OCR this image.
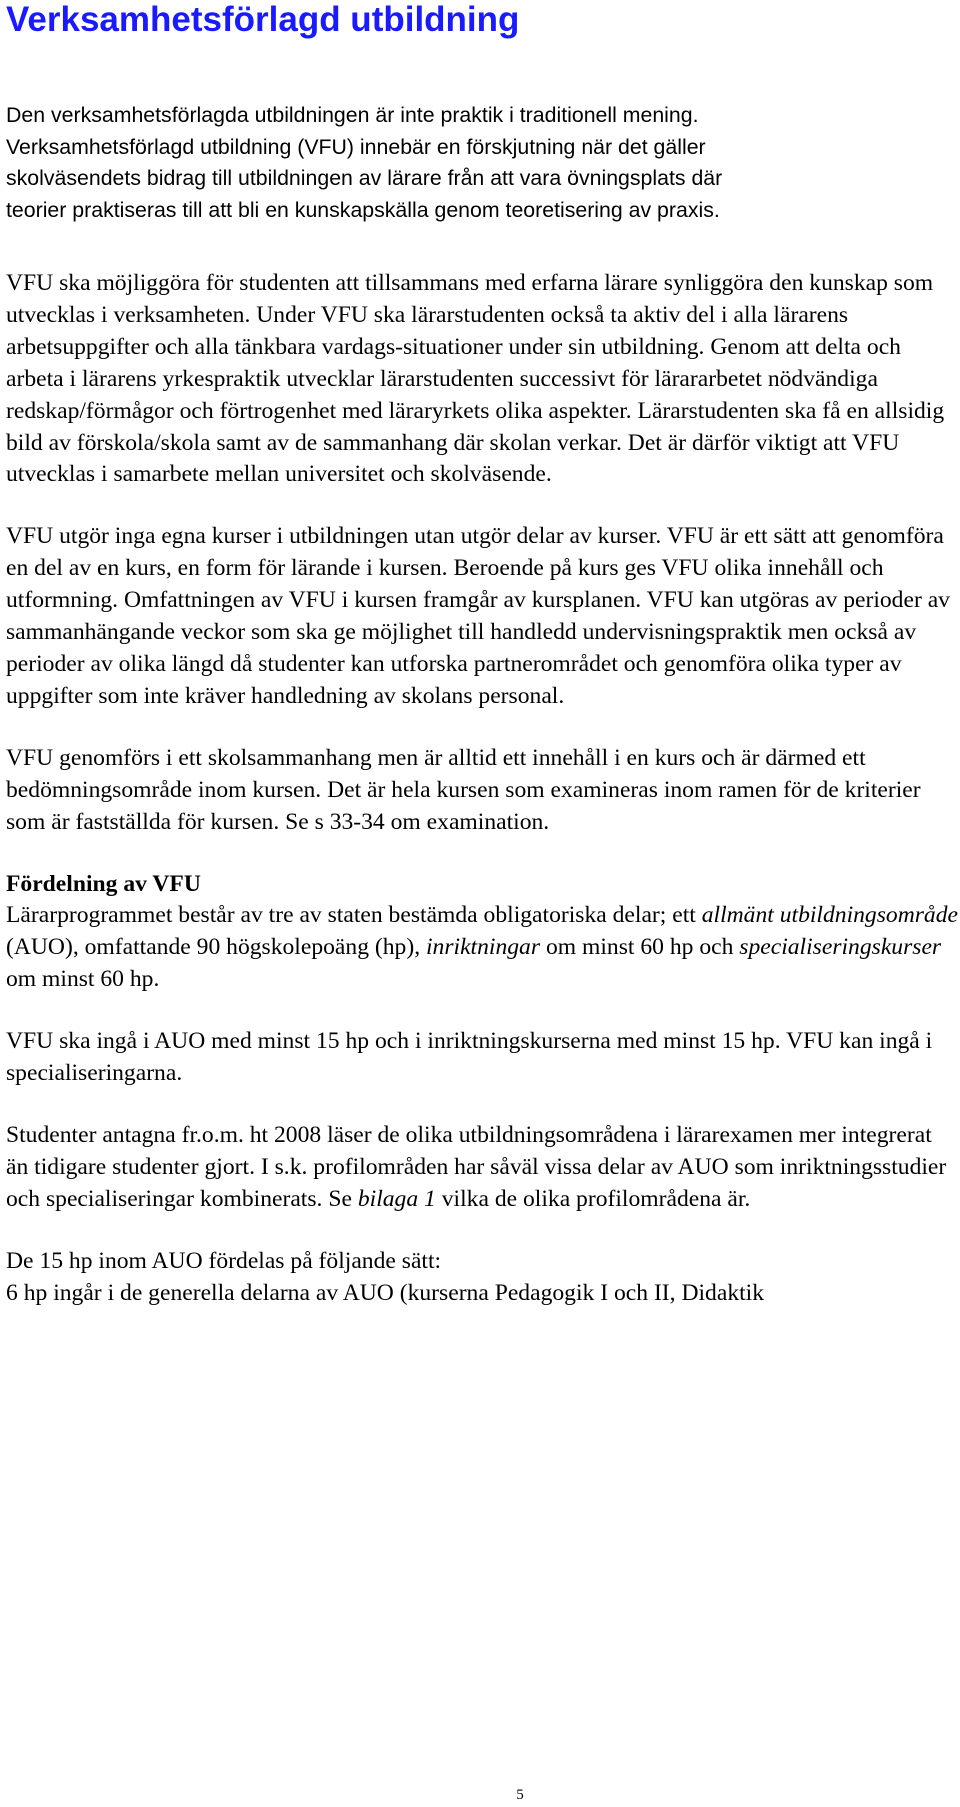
Verksamhetsförlagd utbildning
Den verksamhetsförlagda utbildningen är inte praktik i traditionell mening.
Verksamhetsförlagd utbildning (VFU) innebär en förskjutning när det gäller
skolväsendets bidrag till utbildningen av lärare från att vara övningsplats där
teorier praktiseras till att bli en kunskapskälla genom teoretisering av praxis.

VFU ska möjliggöra för studenten att tillsammans med erfarna lärare synliggöra den kunskap som utvecklas i verksamheten. Under VFU ska lärarstudenten också ta aktiv del i alla lärarens arbetsuppgifter och alla tänkbara vardags-situationer under sin utbildning. Genom att delta och arbeta i lärarens yrkespraktik utvecklar lärarstudenten successivt för lärararbetet nödvändiga redskap/förmågor och förtrogenhet med läraryrkets olika aspekter. Lärarstudenten ska få en allsidig bild av förskola/skola samt av de sammanhang där skolan verkar. Det är därför viktigt att VFU utvecklas i samarbete mellan universitet och skolväsende.

VFU utgör inga egna kurser i utbildningen utan utgör delar av kurser. VFU är ett sätt att genomföra en del av en kurs, en form för lärande i kursen. Beroende på kurs ges VFU olika innehåll och utformning. Omfattningen av VFU i kursen framgår av kursplanen. VFU kan utgöras av perioder av sammanhängande veckor som ska ge möjlighet till handledd undervisningspraktik men också av perioder av olika längd då studenter kan utforska partnerområdet och genomföra olika typer av uppgifter som inte kräver handledning av skolans personal.

VFU genomförs i ett skolsammanhang men är alltid ett innehåll i en kurs och är därmed ett bedömningsområde inom kursen. Det är hela kursen som examineras inom ramen för de kriterier som är fastställda för kursen. Se s 33-34 om examination.

Fördelning av VFU

Lärarprogrammet består av tre av staten bestämda obligatoriska delar; ett allmänt utbildningsområde (AUO), omfattande 90 högskolepoäng (hp), inriktningar om minst 60 hp och specialiseringskurser om minst 60 hp.

VFU ska ingå i AUO med minst 15 hp och i inriktningskurserna med minst 15 hp. VFU kan ingå i specialiseringarna.

Studenter antagna fr.o.m. ht 2008 läser de olika utbildningsområdena i lärarexamen mer integrerat än tidigare studenter gjort. I s.k. profilområden har såväl vissa delar av AUO som inriktningsstudier och specialiseringar kombinerats. Se bilaga 1 vilka de olika profilområdena är.

De 15 hp inom AUO fördelas på följande sätt:
6 hp ingår i de generella delarna av AUO (kurserna Pedagogik I och II, Didaktik

5
